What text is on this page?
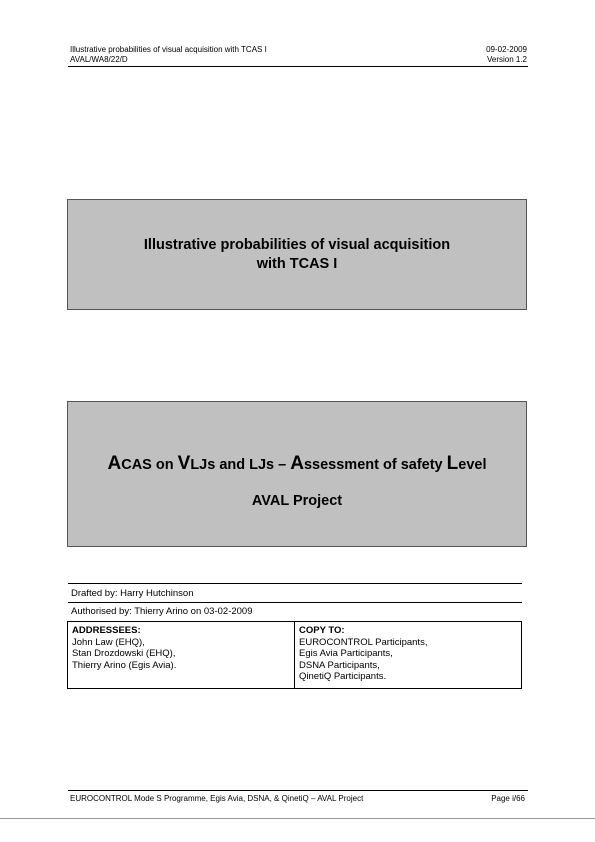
Illustrative probabilities of visual acquisition with TCAS I
AVAL/WA8/22/D
09-02-2009
Version 1.2
Illustrative probabilities of visual acquisition
with TCAS I
ACAS on VLJs and LJs – Assessment of safety Level
AVAL Project
Drafted by: Harry Hutchinson
Authorised by: Thierry Arino on 03-02-2009
ADDRESSEES:
John Law (EHQ),
Stan Drozdowski (EHQ),
Thierry Arino (Egis Avia).
COPY TO:
EUROCONTROL Participants,
Egis Avia Participants,
DSNA Participants,
QinetiQ Participants.
EUROCONTROL Mode S Programme, Egis Avia, DSNA, & QinetiQ – AVAL Project	Page i/66
